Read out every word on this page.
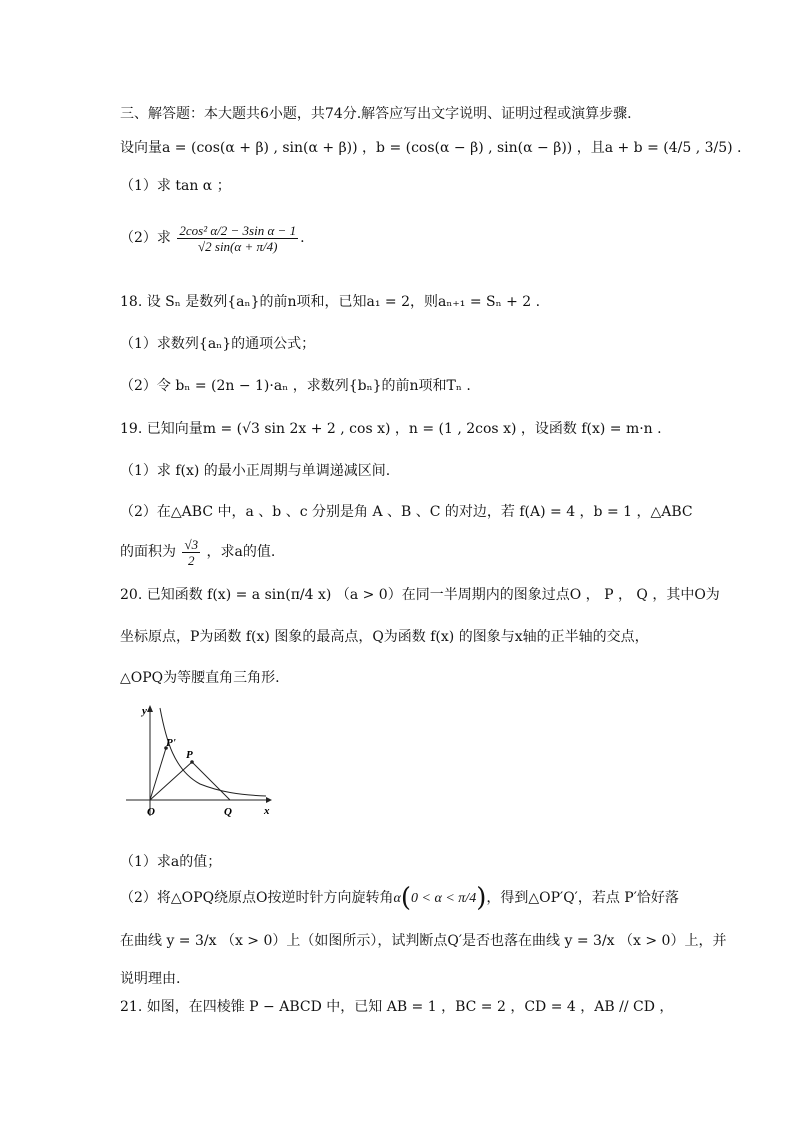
三、解答题：本大题共6小题，共74分.解答应写出文字说明、证明过程或演算步骤.
设向量a = (cos(α + β) , sin(α + β)) ，b = (cos(α − β) , sin(α − β)) ，且a + b = (4/5 , 3/5) .
（1）求 tan α ；
（2）求 $\frac{\text{2cos² α/2 − 3sin α − 1}}{√2 \sin(\alpha + \pi/4)}$ .
18. 设 Sₙ 是数列{aₙ}的前n项和，已知a₁ = 2，则aₙ₊₁ = Sₙ + 2 .
（1）求数列{aₙ}的通项公式；
（2）令 bₙ = (2n − 1)·aₙ ，求数列{bₙ}的前n项和Tₙ .
19. 已知向量m = (√3 sin 2x + 2 , cos x) ，n = (1 , 2cos x) ，设函数 f(x) = m·n .
（1）求 f(x) 的最小正周期与单调递减区间.
（2）在△ABC 中，a 、b 、c 分别是角 A 、B 、C 的对边，若 f(A) = 4 ，b = 1 ，△ABC
的面积为 $\frac{√3}{2}$ ，求a的值.
20. 已知函数 f(x) = a sin(π/4 x) （a > 0）在同一半周期内的图象过点O ， P ， Q ，其中O为
坐标原点，P为函数 f(x) 图象的最高点，Q为函数 f(x) 的图象与x轴的正半轴的交点，
△OPQ为等腰直角三角形.
y
x
O	Q
P
P'
（1）求a的值；
（2）将△OPQ绕原点O按逆时针方向旋转角α(0 < α < π/4)，得到△OP′Q′，若点 P′恰好落
在曲线 y = 3/x （x > 0）上（如图所示），试判断点Q′是否也落在曲线 y = 3/x （x > 0）上，并
说明理由.
21. 如图，在四棱锥 P − ABCD 中，已知 AB = 1 ，BC = 2 ，CD = 4 ，AB // CD ，
